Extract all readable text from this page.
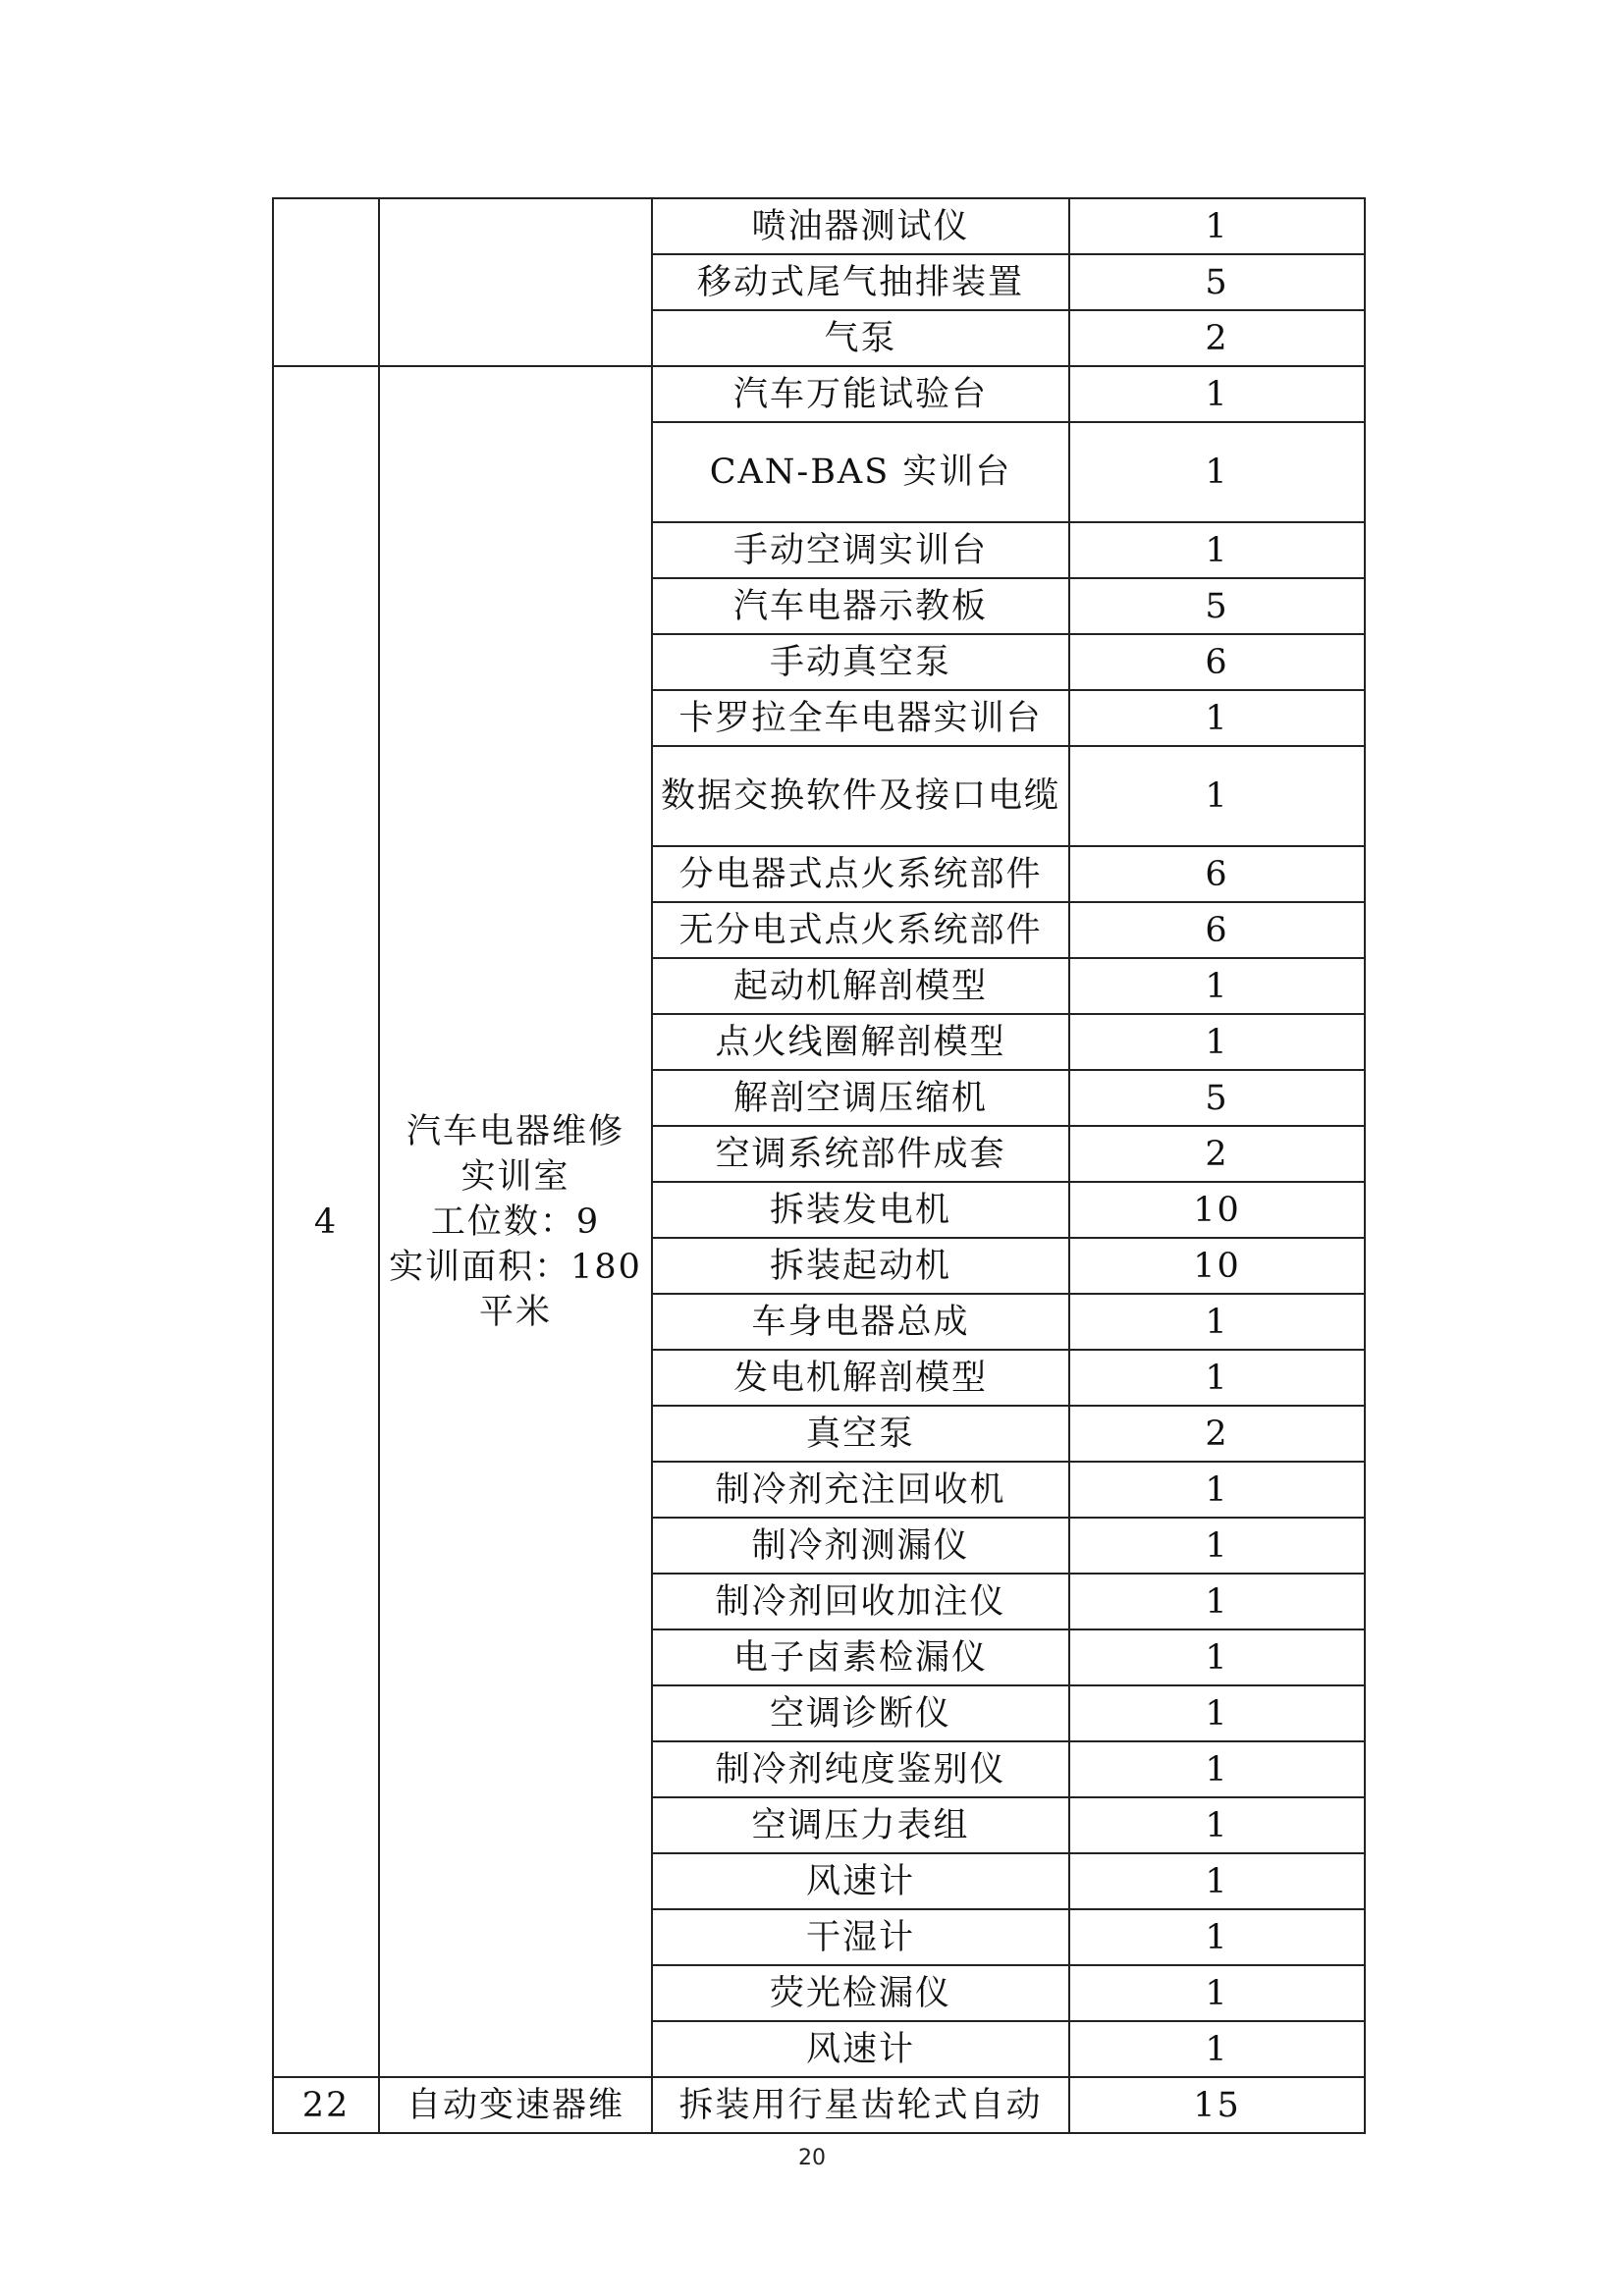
		喷油器测试仪	1
		移动式尾气抽排装置	5
		气泵	2
4	汽车电器维修
实训室
工位数：9
实训面积：180
平米	汽车万能试验台	1
		CAN-BAS 实训台	1
		手动空调实训台	1
		汽车电器示教板	5
		手动真空泵	6
		卡罗拉全车电器实训台	1
		数据交换软件及接口电缆	1
		分电器式点火系统部件	6
		无分电式点火系统部件	6
		起动机解剖模型	1
		点火线圈解剖模型	1
		解剖空调压缩机	5
		空调系统部件成套	2
		拆装发电机	10
		拆装起动机	10
		车身电器总成	1
		发电机解剖模型	1
		真空泵	2
		制冷剂充注回收机	1
		制冷剂测漏仪	1
		制冷剂回收加注仪	1
		电子卤素检漏仪	1
		空调诊断仪	1
		制冷剂纯度鉴别仪	1
		空调压力表组	1
		风速计	1
		干湿计	1
		荧光检漏仪	1
		风速计	1
22	自动变速器维	拆装用行星齿轮式自动	15
20
